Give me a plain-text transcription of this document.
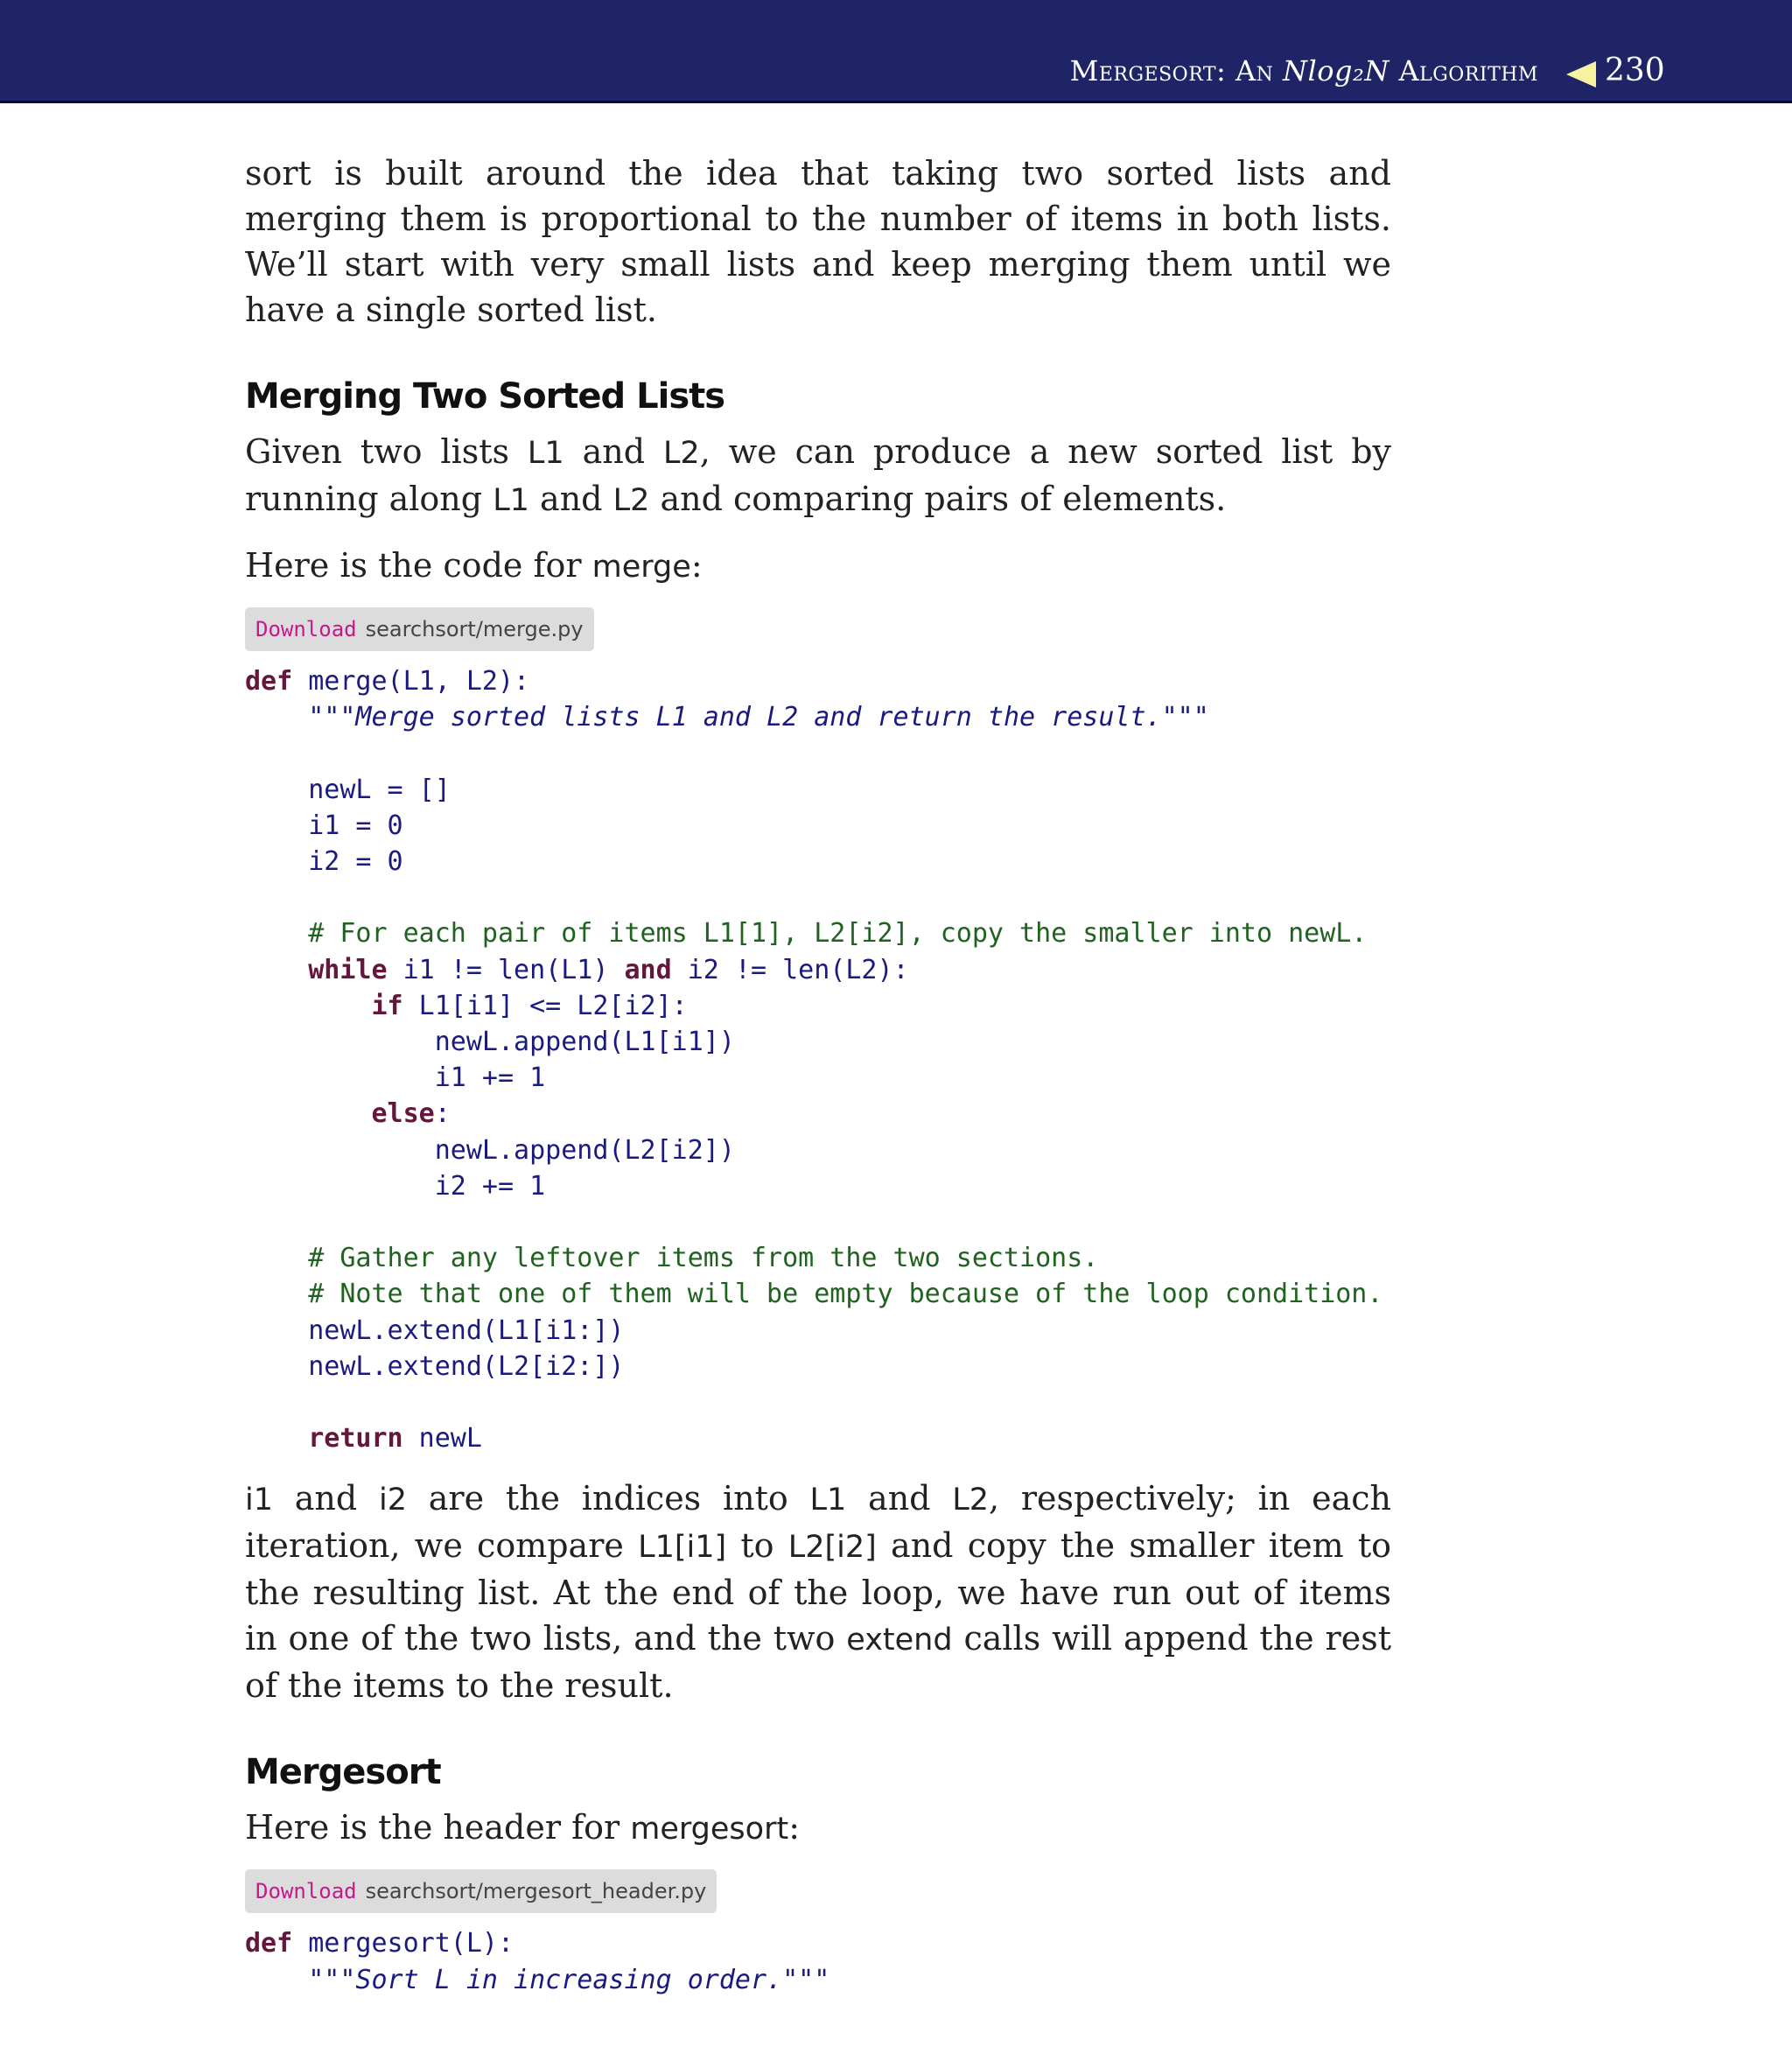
Mergesort: An Nlog₂N Algorithm 230

sort is built around the idea that taking two sorted lists and merging them is proportional to the number of items in both lists. We’ll start with very small lists and keep merging them until we have a single sorted list.

Merging Two Sorted Lists

Given two lists L1 and L2, we can produce a new sorted list by running along L1 and L2 and comparing pairs of elements.

Here is the code for merge:

Download searchsort/merge.py
def merge(L1, L2):
"""Merge sorted lists L1 and L2 and return the result."""

newL = []
i1 = 0
i2 = 0

# For each pair of items L1[1], L2[i2], copy the smaller into newL.
while i1 != len(L1) and i2 != len(L2):
if L1[i1] <= L2[i2]:
newL.append(L1[i1])
i1 += 1
else:
newL.append(L2[i2])
i2 += 1

# Gather any leftover items from the two sections.
# Note that one of them will be empty because of the loop condition.
newL.extend(L1[i1:])
newL.extend(L2[i2:])

return newL

i1 and i2 are the indices into L1 and L2, respectively; in each iteration, we compare L1[i1] to L2[i2] and copy the smaller item to the resulting list. At the end of the loop, we have run out of items in one of the two lists, and the two extend calls will append the rest of the items to the result.

Mergesort

Here is the header for mergesort:

Download searchsort/mergesort_header.py
def mergesort(L):
"""Sort L in increasing order."""
